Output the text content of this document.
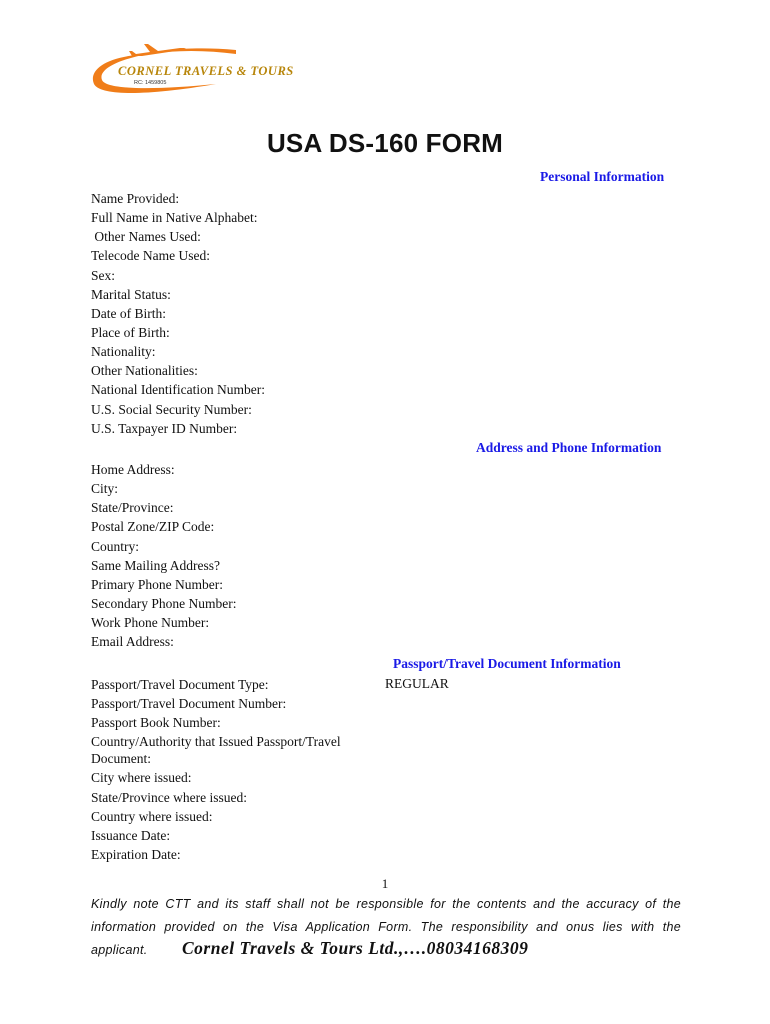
CORNEL TRAVELS & TOURS
RC: 1459805
USA DS-160 FORM
Personal Information
Name Provided:
Full Name in Native Alphabet:
Other Names Used:
Telecode Name Used:
Sex:
Marital Status:
Date of Birth:
Place of Birth:
Nationality:
Other Nationalities:
National Identification Number:
U.S. Social Security Number:
U.S. Taxpayer ID Number:
Address and Phone Information
Home Address:
City:
State/Province:
Postal Zone/ZIP Code:
Country:
Same Mailing Address?
Primary Phone Number:
Secondary Phone Number:
Work Phone Number:
Email Address:
Passport/Travel Document Information
Passport/Travel Document Type:
Passport/Travel Document Number:
Passport Book Number:
Country/Authority that Issued Passport/Travel
Document:
City where issued:
State/Province where issued:
Country where issued:
Issuance Date:
Expiration Date:
REGULAR
1
Kindly note CTT and its staff shall not be responsible for the contents and the accuracy of the information provided on the Visa Application Form. The responsibility and onus lies with the applicant.	Cornel Travels & Tours Ltd.,….08034168309
